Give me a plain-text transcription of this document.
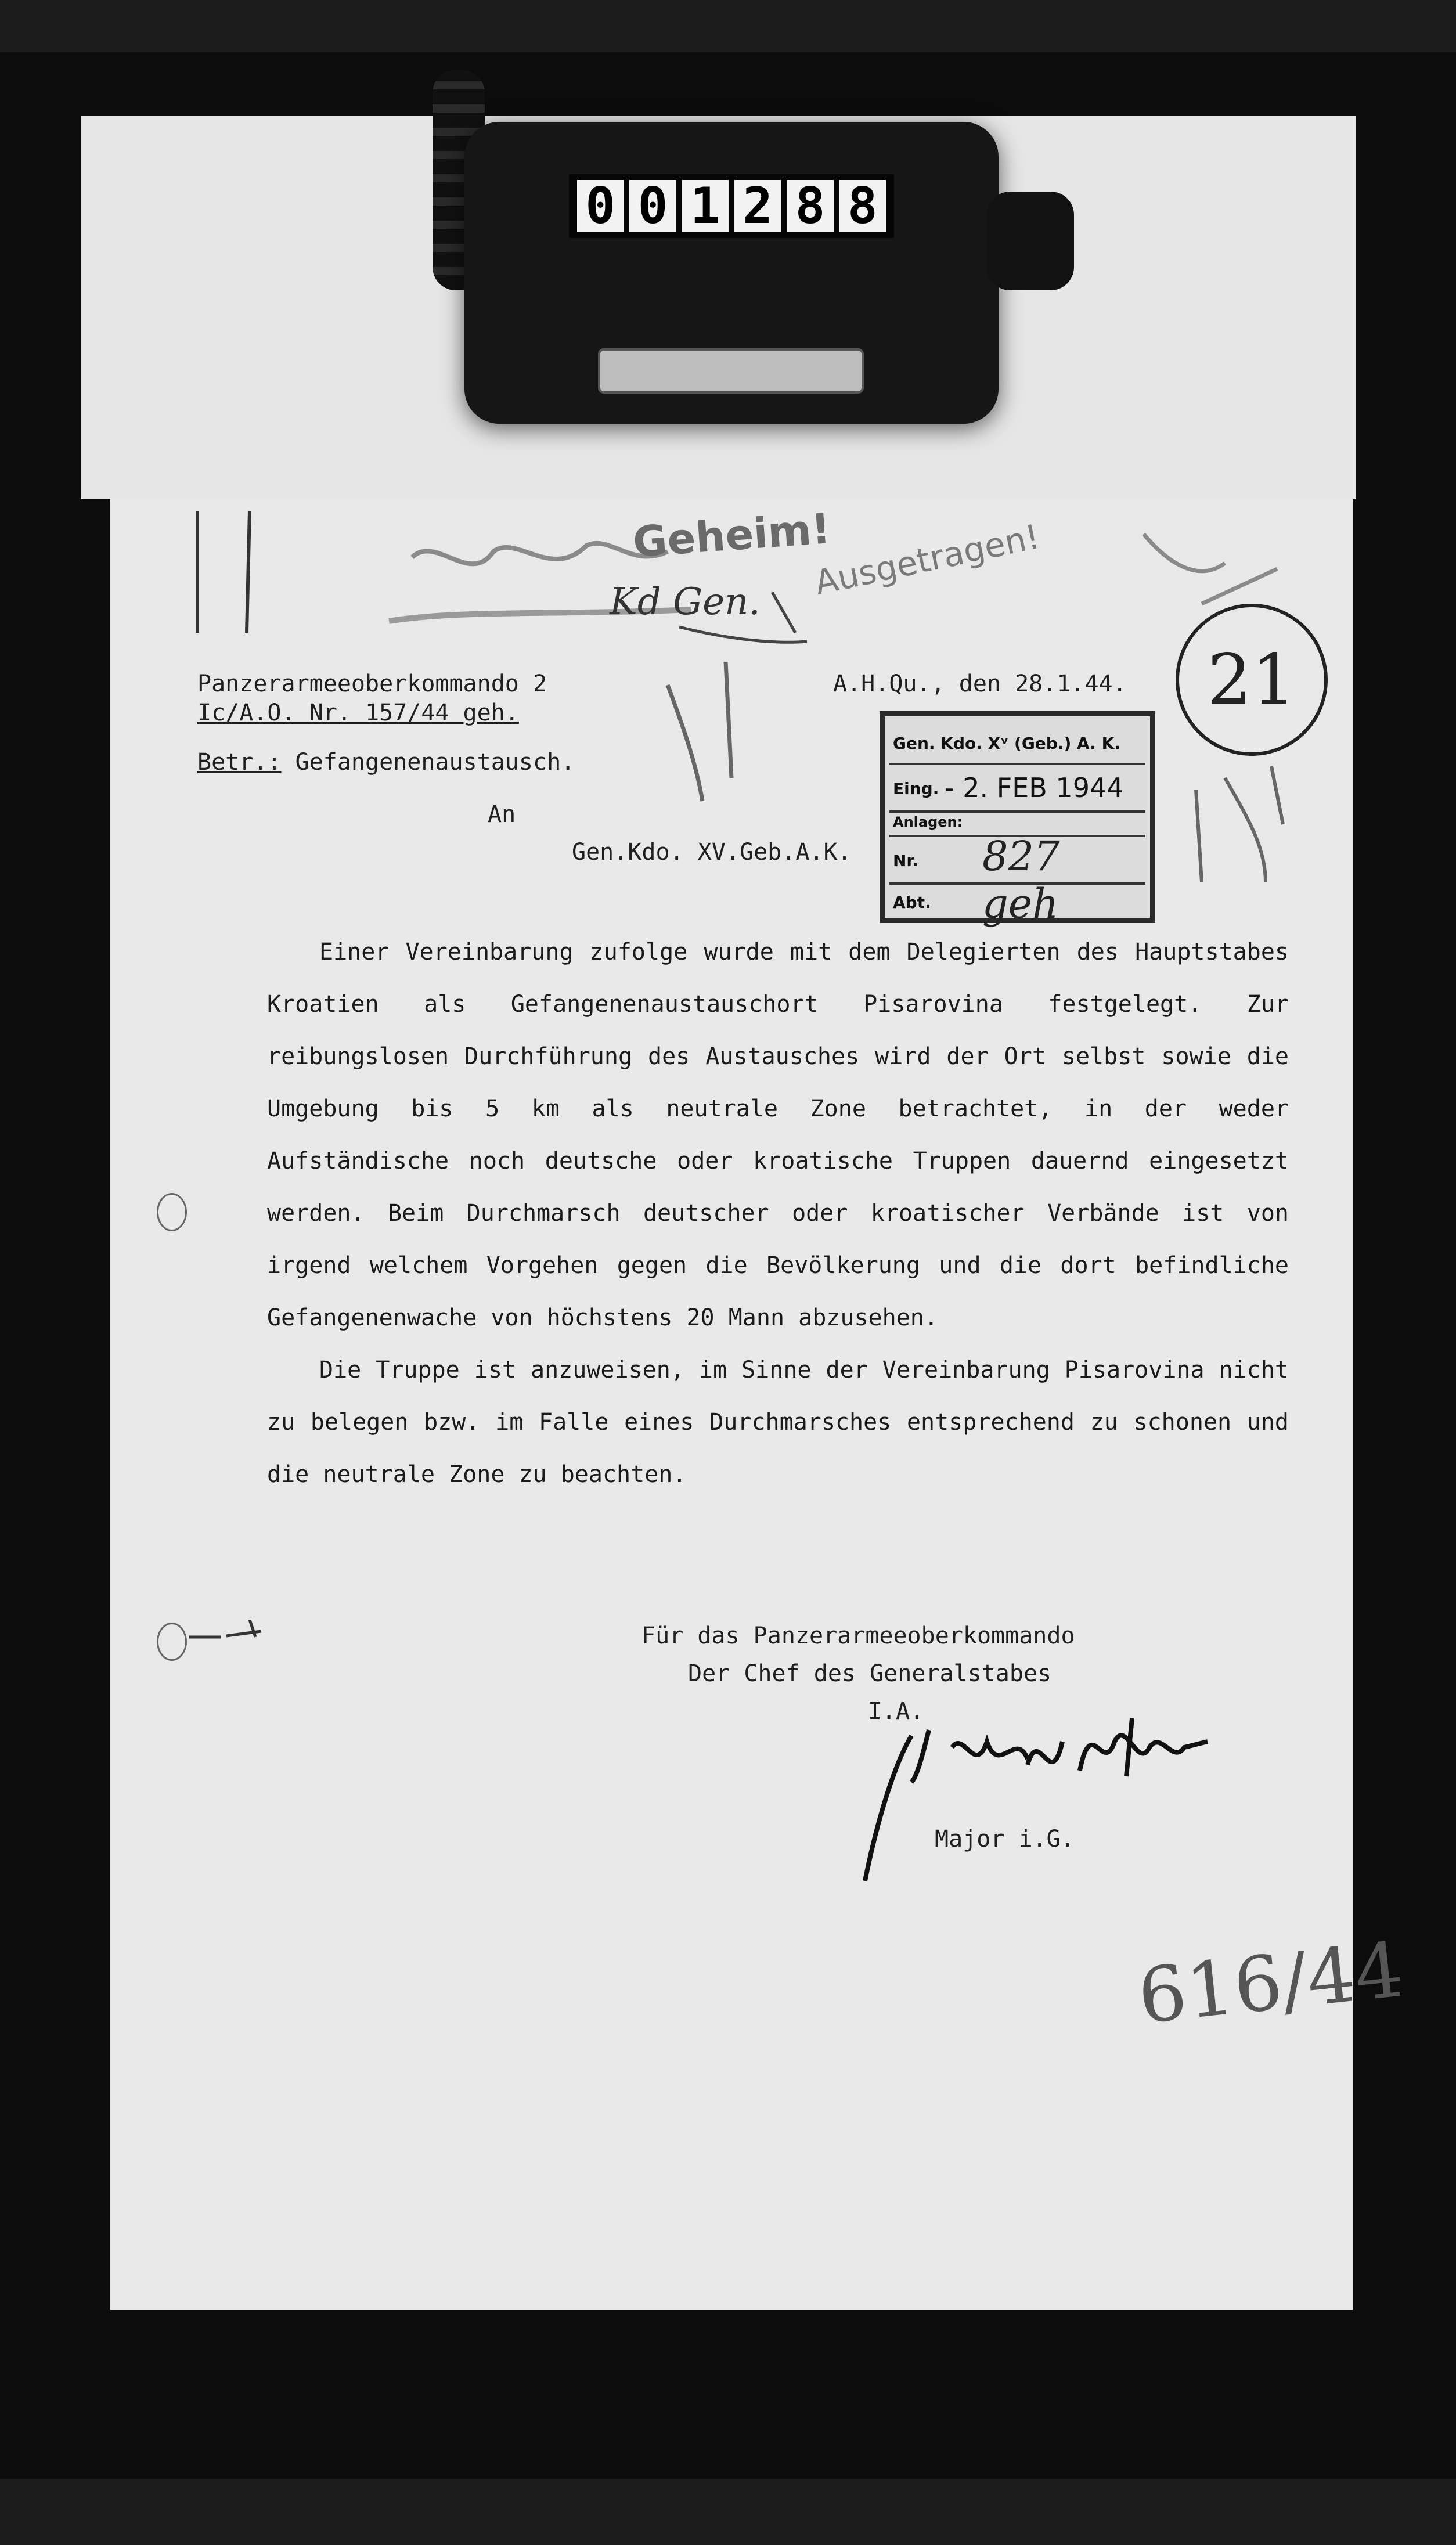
0 0 1 2 8 8
Geheim!
Kd Gen. Ausgetragen!
21
Panzerarmeeoberkommando 2
Ic/A.O. Nr. 157/44 geh.
A.H.Qu., den 28.1.44.
Betr.: Gefangenenaustausch.
An
Gen.Kdo. XV.Geb.A.K.
Gen. Kdo. Xᵛ (Geb.) A. K.
Eing. - 2. FEB 1944
Anlagen:
Nr. 827 geh
Abt.

Einer Vereinbarung zufolge wurde mit dem Delegierten des Hauptstabes Kroatien als Gefangenenaustauschort Pisarovina festgelegt. Zur reibungslosen Durchführung des Austausches wird der Ort selbst sowie die Umgebung bis 5 km als neutrale Zone betrachtet, in der weder Aufständische noch deutsche oder kroatische Truppen dauernd eingesetzt werden. Beim Durchmarsch deutscher oder kroatischer Verbände ist von irgend welchem Vorgehen gegen die Bevölkerung und die dort befindliche Gefangenenwache von höchstens 20 Mann abzusehen.

Die Truppe ist anzuweisen, im Sinne der Vereinbarung Pisarovina nicht zu belegen bzw. im Falle eines Durchmarsches entsprechend zu schonen und die neutrale Zone zu beachten.

Für das Panzerarmeeoberkommando
Der Chef des Generalstabes
I.A.
Major i.G.
616/44
